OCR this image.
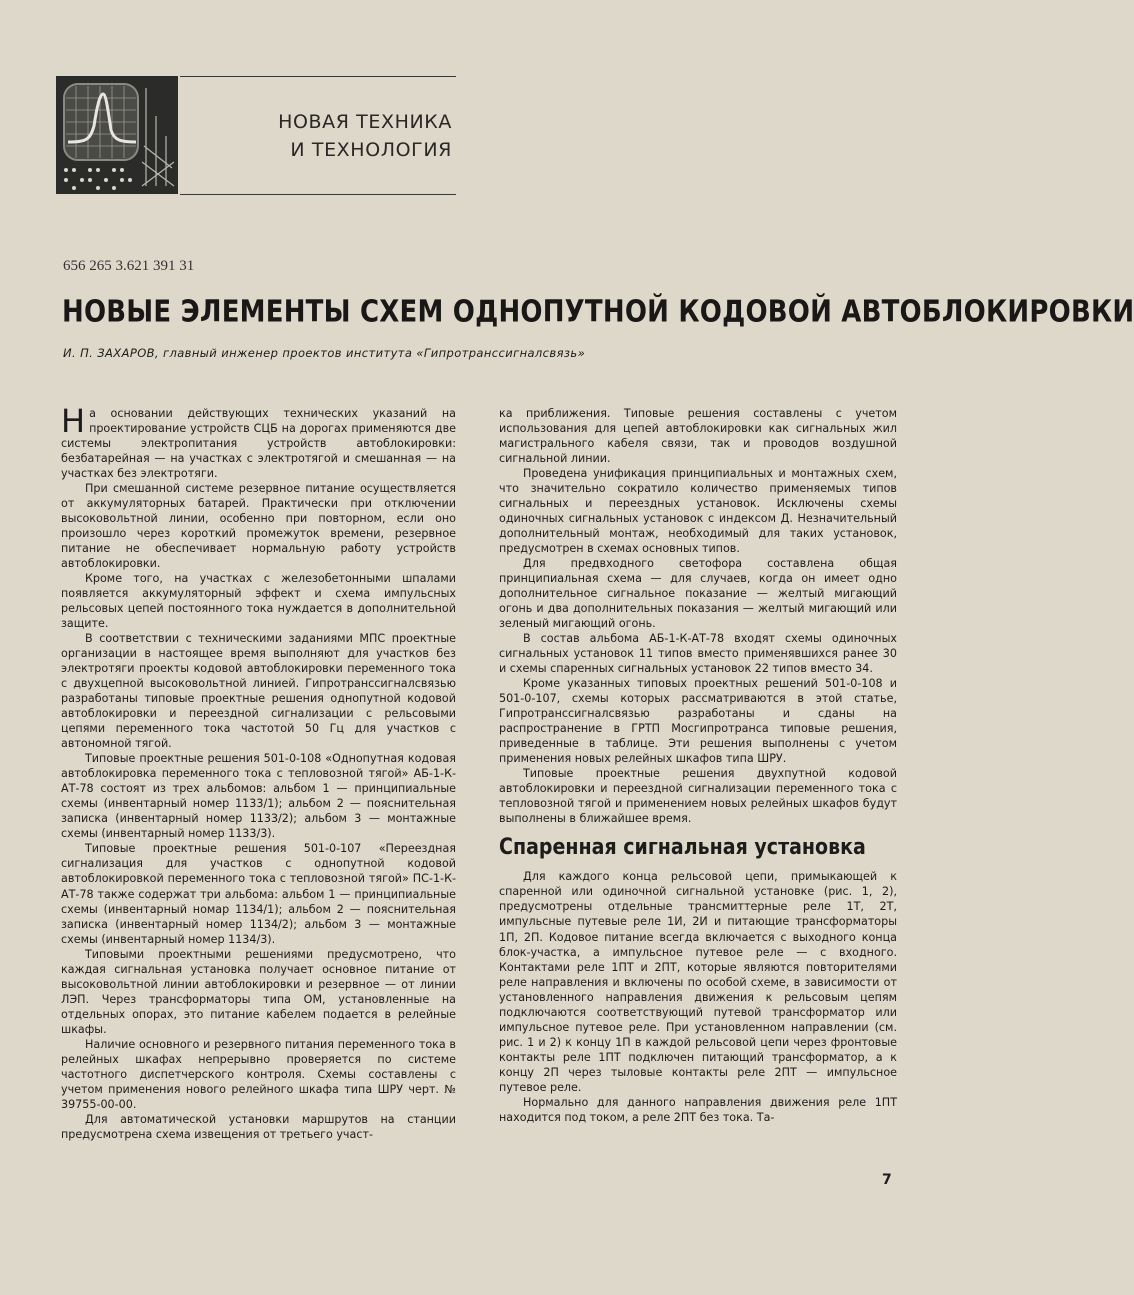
НОВАЯ ТЕХНИКА
И ТЕХНОЛОГИЯ
656 265 3.621 391 31
НОВЫЕ ЭЛЕМЕНТЫ СХЕМ ОДНОПУТНОЙ КОДОВОЙ АВТОБЛОКИРОВКИ
И. П. ЗАХАРОВ, главный инженер проектов института «Гипротранссигналсвязь»

На основании действующих технических указаний на проектирование устройств СЦБ на дорогах применяются две системы электропитания устройств автоблокировки: безбатарейная — на участках с электротягой и смешанная — на участках без электротяги.

При смешанной системе резервное питание осуществляется от аккумуляторных батарей. Практически при отключении высоковольтной линии, особенно при повторном, если оно произошло через короткий промежуток времени, резервное питание не обеспечивает нормальную работу устройств автоблокировки.

Кроме того, на участках с железобетонными шпалами появляется аккумуляторный эффект и схема импульсных рельсовых цепей постоянного тока нуждается в дополнительной защите.

В соответствии с техническими заданиями МПС проектные организации в настоящее время выполняют для участков без электротяги проекты кодовой автоблокировки переменного тока с двухцепной высоковольтной линией. Гипротранссигналсвязью разработаны типовые проектные решения однопутной кодовой автоблокировки и переездной сигнализации с рельсовыми цепями переменного тока частотой 50 Гц для участков с автономной тягой.

Типовые проектные решения 501-0-108 «Однопутная кодовая автоблокировка переменного тока с тепловозной тягой» АБ-1-К-АТ-78 состоят из трех альбомов: альбом 1 — принципиальные схемы (инвентарный номер 1133/1); альбом 2 — пояснительная записка (инвентарный номер 1133/2); альбом 3 — монтажные схемы (инвентарный номер 1133/3).

Типовые проектные решения 501-0-107 «Переездная сигнализация для участков с однопутной кодовой автоблокировкой переменного тока с тепловозной тягой» ПС-1-К-АТ-78 также содержат три альбома: альбом 1 — принципиальные схемы (инвентарный номар 1134/1); альбом 2 — пояснительная записка (инвентарный номер 1134/2); альбом 3 — монтажные схемы (инвентарный номер 1134/3).

Типовыми проектными решениями предусмотрено, что каждая сигнальная установка получает основное питание от высоковольтной линии автоблокировки и резервное — от линии ЛЭП. Через трансформаторы типа ОМ, установленные на отдельных опорах, это питание кабелем подается в релейные шкафы.

Наличие основного и резервного питания переменного тока в релейных шкафах непрерывно проверяется по системе частотного диспетчерского контроля. Схемы составлены с учетом применения нового релейного шкафа типа ШРУ черт. № 39755-00-00.

Для автоматической установки маршрутов на станции предусмотрена схема извещения от третьего участ-

ка приближения. Типовые решения составлены с учетом использования для цепей автоблокировки как сигнальных жил магистрального кабеля связи, так и проводов воздушной сигнальной линии.

Проведена унификация принципиальных и монтажных схем, что значительно сократило количество применяемых типов сигнальных и переездных установок. Исключены схемы одиночных сигнальных установок с индексом Д. Незначительный дополнительный монтаж, необходимый для таких установок, предусмотрен в схемах основных типов.

Для предвходного светофора составлена общая принципиальная схема — для случаев, когда он имеет одно дополнительное сигнальное показание — желтый мигающий огонь и два дополнительных показания — желтый мигающий или зеленый мигающий огонь.

В состав альбома АБ-1-К-АТ-78 входят схемы одиночных сигнальных установок 11 типов вместо применявшихся ранее 30 и схемы спаренных сигнальных установок 22 типов вместо 34.

Кроме указанных типовых проектных решений 501-0-108 и 501-0-107, схемы которых рассматриваются в этой статье, Гипротранссигналсвязью разработаны и сданы на распространение в ГРТП Мосгипротранса типовые решения, приведенные в таблице. Эти решения выполнены с учетом применения новых релейных шкафов типа ШРУ.

Типовые проектные решения двухпутной кодовой автоблокировки и переездной сигнализации переменного тока с тепловозной тягой и применением новых релейных шкафов будут выполнены в ближайшее время.

Спаренная сигнальная установка

Для каждого конца рельсовой цепи, примыкающей к спаренной или одиночной сигнальной установке (рис. 1, 2), предусмотрены отдельные трансмиттерные реле 1Т, 2Т, импульсные путевые реле 1И, 2И и питающие трансформаторы 1П, 2П. Кодовое питание всегда включается с выходного конца блок-участка, а импульсное путевое реле — с входного. Контактами реле 1ПТ и 2ПТ, которые являются повторителями реле направления и включены по особой схеме, в зависимости от установленного направления движения к рельсовым цепям подключаются соответствующий путевой трансформатор или импульсное путевое реле. При установленном направлении (см. рис. 1 и 2) к концу 1П в каждой рельсовой цепи через фронтовые контакты реле 1ПТ подключен питающий трансформатор, а к концу 2П через тыловые контакты реле 2ПТ — импульсное путевое реле.

Нормально для данного направления движения реле 1ПТ находится под током, а реле 2ПТ без тока. Та-

7
